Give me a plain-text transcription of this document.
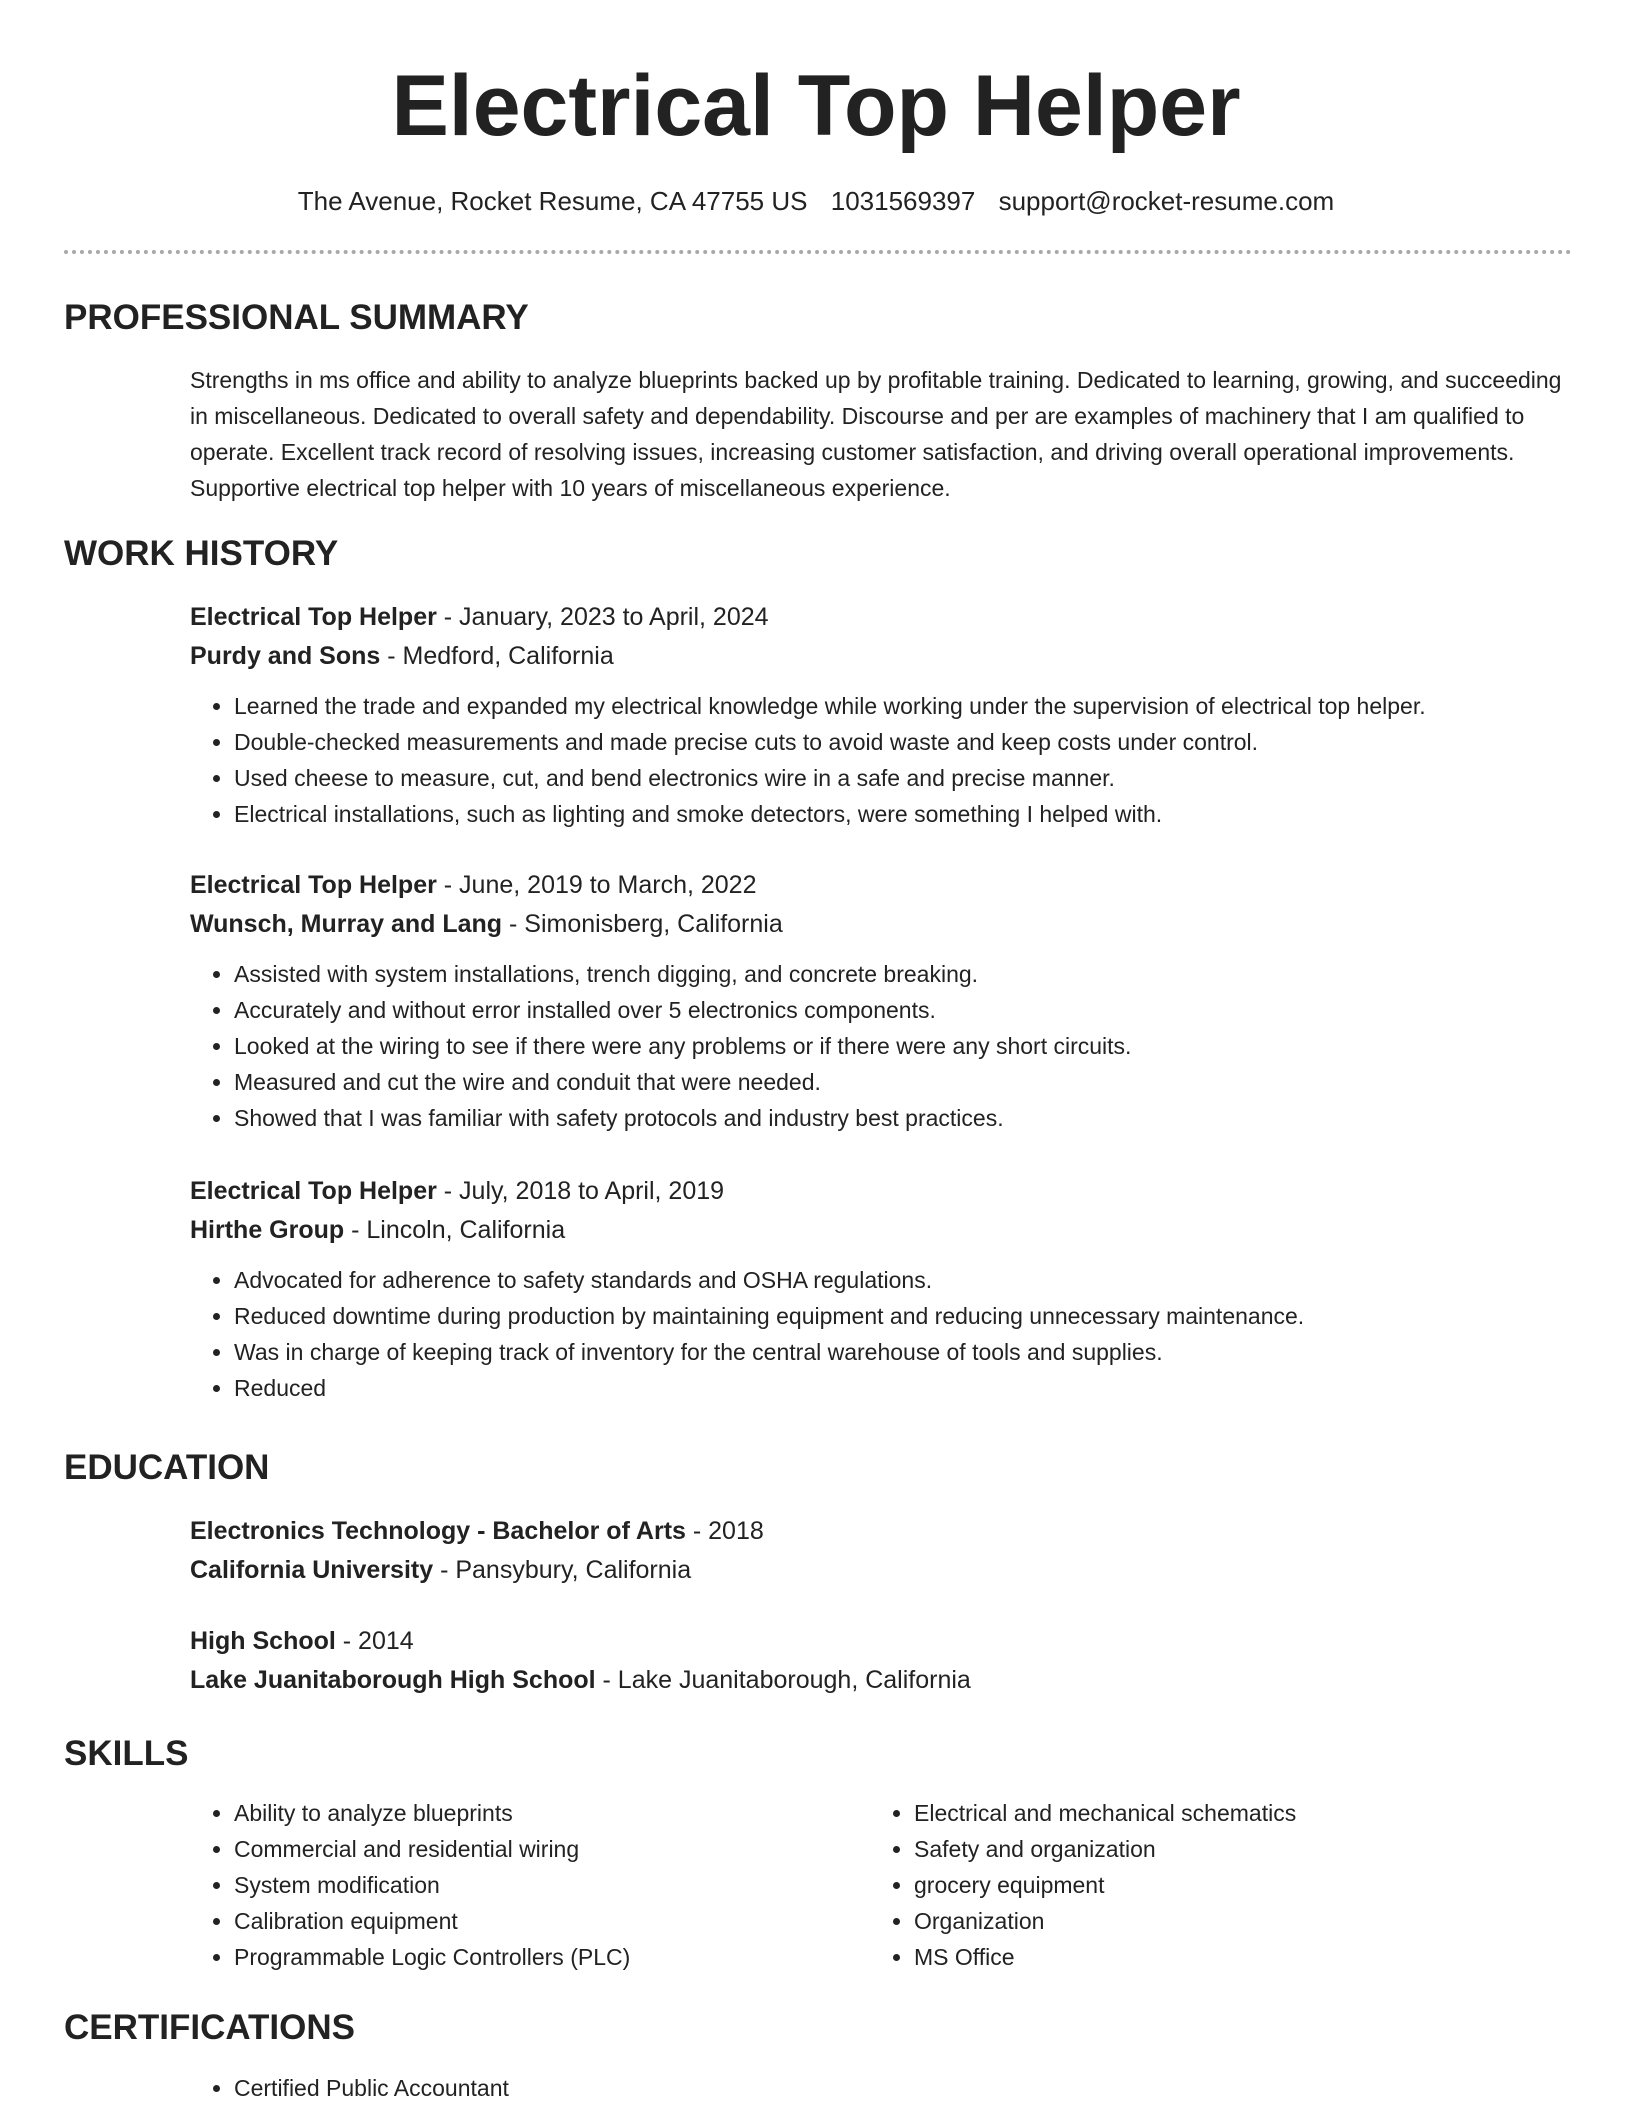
Electrical Top Helper
The Avenue, Rocket Resume, CA 47755 US 1031569397 support@rocket-resume.com
PROFESSIONAL SUMMARY

Strengths in ms office and ability to analyze blueprints backed up by profitable training. Dedicated to learning, growing, and succeeding in miscellaneous. Dedicated to overall safety and dependability. Discourse and per are examples of machinery that I am qualified to operate. Excellent track record of resolving issues, increasing customer satisfaction, and driving overall operational improvements. Supportive electrical top helper with 10 years of miscellaneous experience.

WORK HISTORY
Electrical Top Helper - January, 2023 to April, 2024
Purdy and Sons - Medford, California
• Learned the trade and expanded my electrical knowledge while working under the supervision of electrical top helper.
• Double-checked measurements and made precise cuts to avoid waste and keep costs under control.
• Used cheese to measure, cut, and bend electronics wire in a safe and precise manner.
• Electrical installations, such as lighting and smoke detectors, were something I helped with.
Electrical Top Helper - June, 2019 to March, 2022
Wunsch, Murray and Lang - Simonisberg, California
• Assisted with system installations, trench digging, and concrete breaking.
• Accurately and without error installed over 5 electronics components.
• Looked at the wiring to see if there were any problems or if there were any short circuits.
• Measured and cut the wire and conduit that were needed.
• Showed that I was familiar with safety protocols and industry best practices.
Electrical Top Helper - July, 2018 to April, 2019
Hirthe Group - Lincoln, California
• Advocated for adherence to safety standards and OSHA regulations.
• Reduced downtime during production by maintaining equipment and reducing unnecessary maintenance.
• Was in charge of keeping track of inventory for the central warehouse of tools and supplies.
• Reduced
EDUCATION
Electronics Technology - Bachelor of Arts - 2018
California University - Pansybury, California
High School - 2014
Lake Juanitaborough High School - Lake Juanitaborough, California
SKILLS
• Ability to analyze blueprints
• Commercial and residential wiring
• System modification
• Calibration equipment
• Programmable Logic Controllers (PLC)
• Electrical and mechanical schematics
• Safety and organization
• grocery equipment
• Organization
• MS Office
CERTIFICATIONS
• Certified Public Accountant
